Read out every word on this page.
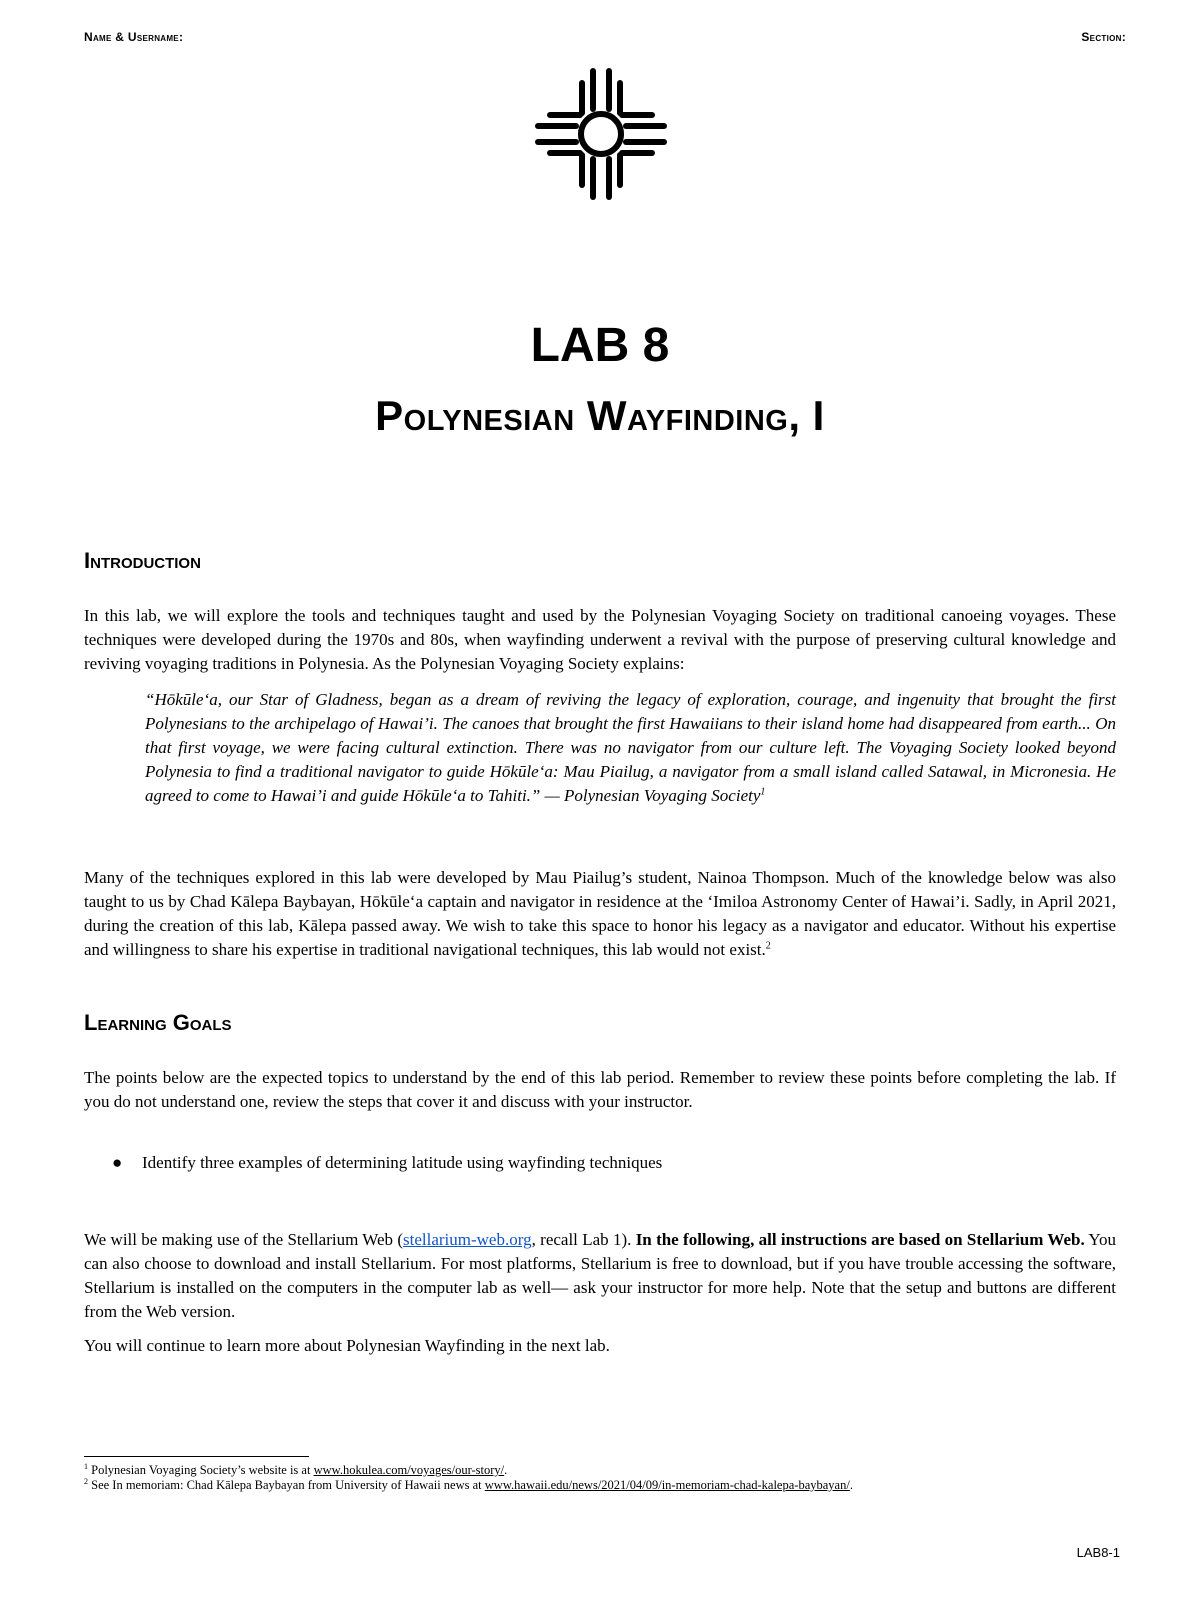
Name & Username:	Section:
LAB 8
Polynesian Wayfinding, I
Introduction

In this lab, we will explore the tools and techniques taught and used by the Polynesian Voyaging Society on traditional canoeing voyages. These techniques were developed during the 1970s and 80s, when wayfinding underwent a revival with the purpose of preserving cultural knowledge and reviving voyaging traditions in Polynesia. As the Polynesian Voyaging Society explains:

“Hōkūle‘a, our Star of Gladness, began as a dream of reviving the legacy of exploration, courage, and ingenuity that brought the first Polynesians to the archipelago of Hawai’i. The canoes that brought the first Hawaiians to their island home had disappeared from earth... On that first voyage, we were facing cultural extinction. There was no navigator from our culture left. The Voyaging Society looked beyond Polynesia to find a traditional navigator to guide Hōkūle‘a: Mau Piailug, a navigator from a small island called Satawal, in Micronesia. He agreed to come to Hawai’i and guide Hōkūle‘a to Tahiti.” — Polynesian Voyaging Society$^1$

Many of the techniques explored in this lab were developed by Mau Piailug’s student, Nainoa Thompson. Much of the knowledge below was also taught to us by Chad Kālepa Baybayan, Hōkūle‘a captain and navigator in residence at the ‘Imiloa Astronomy Center of Hawai’i. Sadly, in April 2021, during the creation of this lab, Kālepa passed away. We wish to take this space to honor his legacy as a navigator and educator. Without his expertise and willingness to share his expertise in traditional navigational techniques, this lab would not exist.$^2$

Learning Goals

The points below are the expected topics to understand by the end of this lab period. Remember to review these points before completing the lab. If you do not understand one, review the steps that cover it and discuss with your instructor.

● Identify three examples of determining latitude using wayfinding techniques

We will be making use of the Stellarium Web (stellarium-web.org, recall Lab 1). In the following, all instructions are based on Stellarium Web. You can also choose to download and install Stellarium. For most platforms, Stellarium is free to download, but if you have trouble accessing the software, Stellarium is installed on the computers in the computer lab as well— ask your instructor for more help. Note that the setup and buttons are different from the Web version.

You will continue to learn more about Polynesian Wayfinding in the next lab.

$^1$ Polynesian Voyaging Society’s website is at www.hokulea.com/voyages/our-story/.

$^2$ See In memoriam: Chad Kālepa Baybayan from University of Hawaii news at www.hawaii.edu/news/2021/04/09/in-memoriam-chad-kalepa-baybayan/.

LAB8-1
